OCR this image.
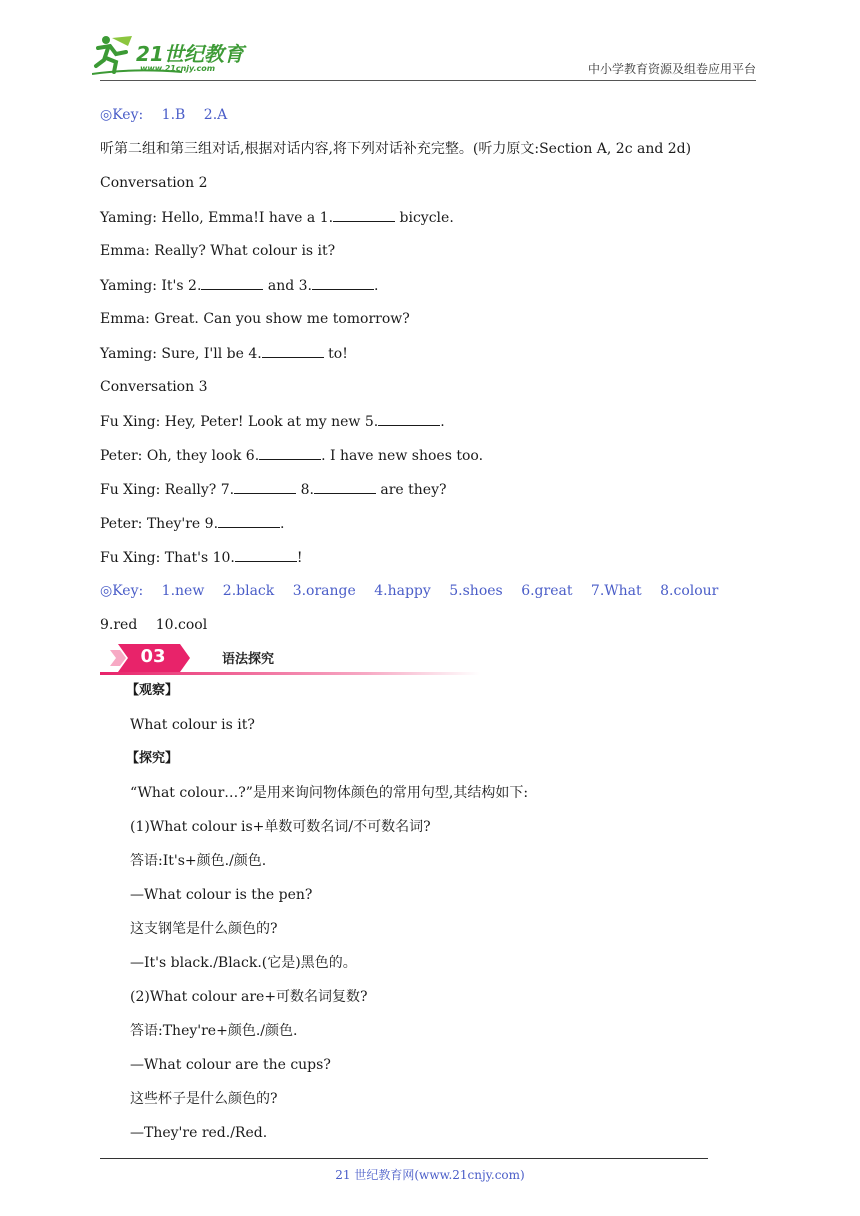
21世纪教育
www.21cnjy.com	中小学教育资源及组卷应用平台
◎Key: 1.B 2.A
听第二组和第三组对话,根据对话内容,将下列对话补充完整。(听力原文:Section A, 2c and 2d)
Conversation 2
Yaming: Hello, Emma!I have a 1.	bicycle.
Emma: Really? What colour is it?
Yaming: It's 2.	and 3.	.
Emma: Great. Can you show me tomorrow?
Yaming: Sure, I'll be 4.	to!
Conversation 3
Fu Xing: Hey, Peter! Look at my new 5.	.
Peter: Oh, they look 6.	. I have new shoes too.
Fu Xing: Really? 7.	8.	are they?
Peter: They're 9.	.
Fu Xing: That's 10.	!
◎Key: 1.new 2.black 3.orange 4.happy 5.shoes 6.great 7.What 8.colour
9.red 10.cool
03	语法探究
【观察】
What colour is it?
【探究】
“What colour…?”是用来询问物体颜色的常用句型,其结构如下:
(1)What colour is+单数可数名词/不可数名词?
答语:It's+颜色./颜色.
—What colour is the pen?
这支钢笔是什么颜色的?
—It's black./Black.(它是)黑色的。
(2)What colour are+可数名词复数?
答语:They're+颜色./颜色.
—What colour are the cups?
这些杯子是什么颜色的?
—They're red./Red.
21 世纪教育网(www.21cnjy.com)
